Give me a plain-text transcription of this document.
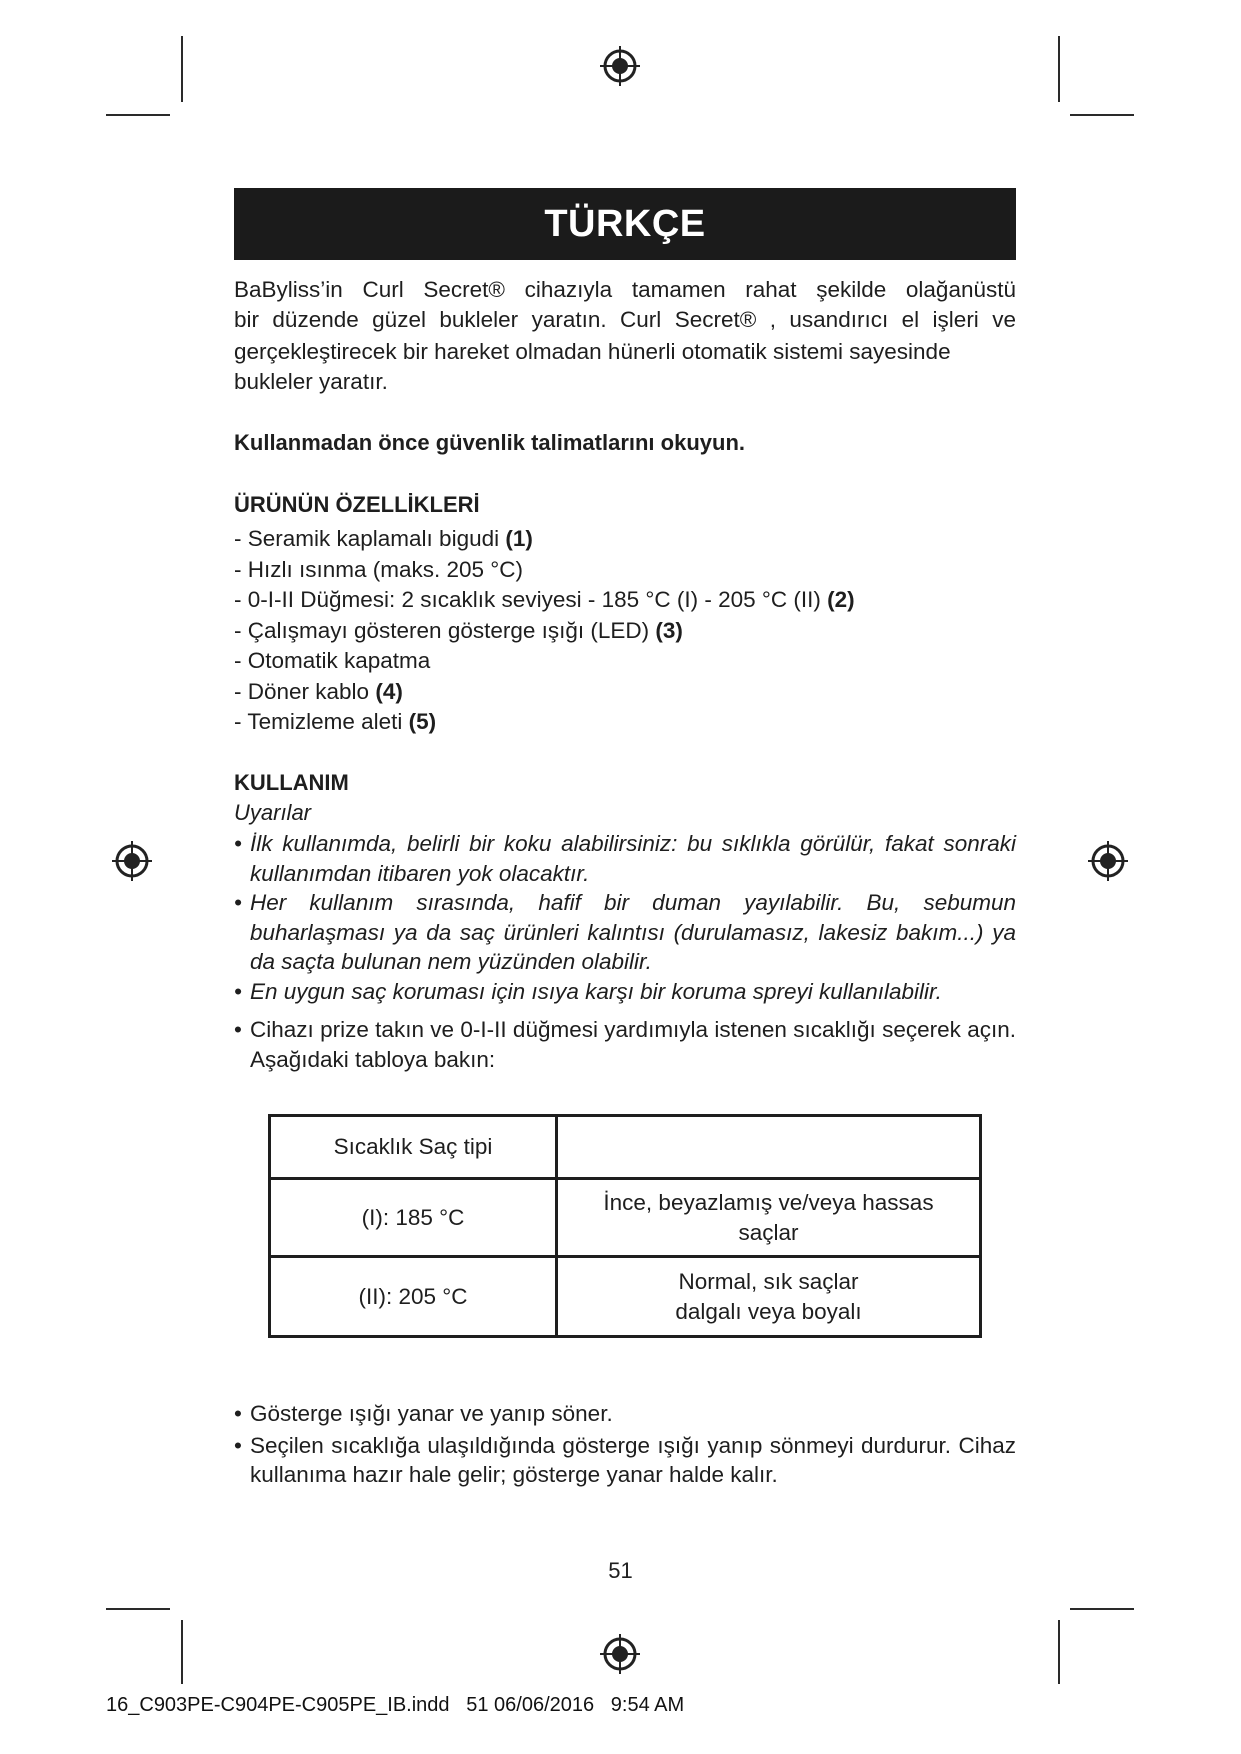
TÜRKÇE

BaByliss’in Curl Secret® cihazıyla tamamen rahat şekilde olağanüstü

bir düzende güzel bukleler yaratın. Curl Secret® , usandırıcı el işleri ve

gerçekleştirecek bir hareket olmadan hünerli otomatik sistemi sayesinde

bukleler yaratır.

Kullanmadan önce güvenlik talimatlarını okuyun.
ÜRÜNÜN ÖZELLİKLERİ
- Seramik kaplamalı bigudi (1)
- Hızlı ısınma (maks. 205 °C)
- 0-I-II Düğmesi: 2 sıcaklık seviyesi - 185 °C (I) - 205 °C (II) (2)
- Çalışmayı gösteren gösterge ışığı (LED) (3)
- Otomatik kapatma
- Döner kablo (4)
- Temizleme aleti (5)
KULLANIM
Uyarılar
• İlk kullanımda, belirli bir koku alabilirsiniz: bu sıklıkla görülür, fakat sonraki kullanımdan itibaren yok olacaktır.
• Her kullanım sırasında, hafif bir duman yayılabilir. Bu, sebumun buharlaşması ya da saç ürünleri kalıntısı (durulamasız, lakesiz bakım...) ya da saçta bulunan nem yüzünden olabilir.
• En uygun saç koruması için ısıya karşı bir koruma spreyi kullanılabilir.
• Cihazı prize takın ve 0-I-II düğmesi yardımıyla istenen sıcaklığı seçerek açın. Aşağıdaki tabloya bakın:
Sıcaklık Saç tipi	
(I): 185 °C	İnce, beyazlamış ve/veya hassas
saçlar

(II): 205 °C	Normal, sık saçlar
dalgalı veya boyalı
• Gösterge ışığı yanar ve yanıp söner.
• Seçilen sıcaklığa ulaşıldığında gösterge ışığı yanıp sönmeyi durdurur. Cihaz kullanıma hazır hale gelir; gösterge yanar halde kalır.
51
16_C903PE-C904PE-C905PE_IB.indd   51 06/06/2016   9:54 AM
